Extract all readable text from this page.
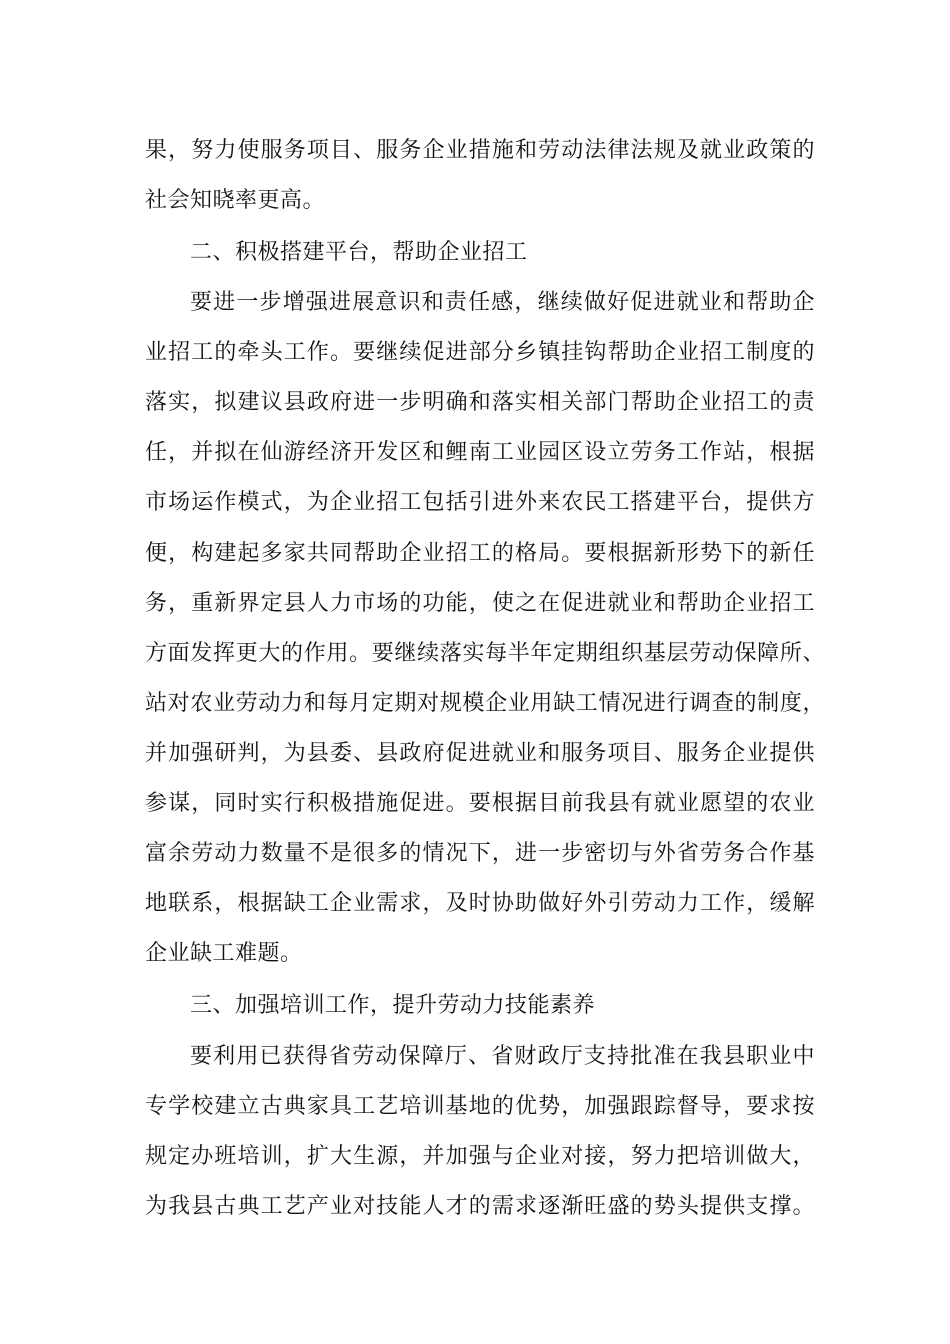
果，努力使服务项目、服务企业措施和劳动法律法规及就业政策的
社会知晓率更高。
二、积极搭建平台，帮助企业招工
要进一步增强进展意识和责任感，继续做好促进就业和帮助企
业招工的牵头工作。要继续促进部分乡镇挂钩帮助企业招工制度的
落实，拟建议县政府进一步明确和落实相关部门帮助企业招工的责
任，并拟在仙游经济开发区和鲤南工业园区设立劳务工作站，根据
市场运作模式，为企业招工包括引进外来农民工搭建平台，提供方
便，构建起多家共同帮助企业招工的格局。要根据新形势下的新任
务，重新界定县人力市场的功能，使之在促进就业和帮助企业招工
方面发挥更大的作用。要继续落实每半年定期组织基层劳动保障所、
站对农业劳动力和每月定期对规模企业用缺工情况进行调查的制度，
并加强研判，为县委、县政府促进就业和服务项目、服务企业提供
参谋，同时实行积极措施促进。要根据目前我县有就业愿望的农业
富余劳动力数量不是很多的情况下，进一步密切与外省劳务合作基
地联系，根据缺工企业需求，及时协助做好外引劳动力工作，缓解
企业缺工难题。
三、加强培训工作，提升劳动力技能素养
要利用已获得省劳动保障厅、省财政厅支持批准在我县职业中
专学校建立古典家具工艺培训基地的优势，加强跟踪督导，要求按
规定办班培训，扩大生源，并加强与企业对接，努力把培训做大，
为我县古典工艺产业对技能人才的需求逐渐旺盛的势头提供支撑。
